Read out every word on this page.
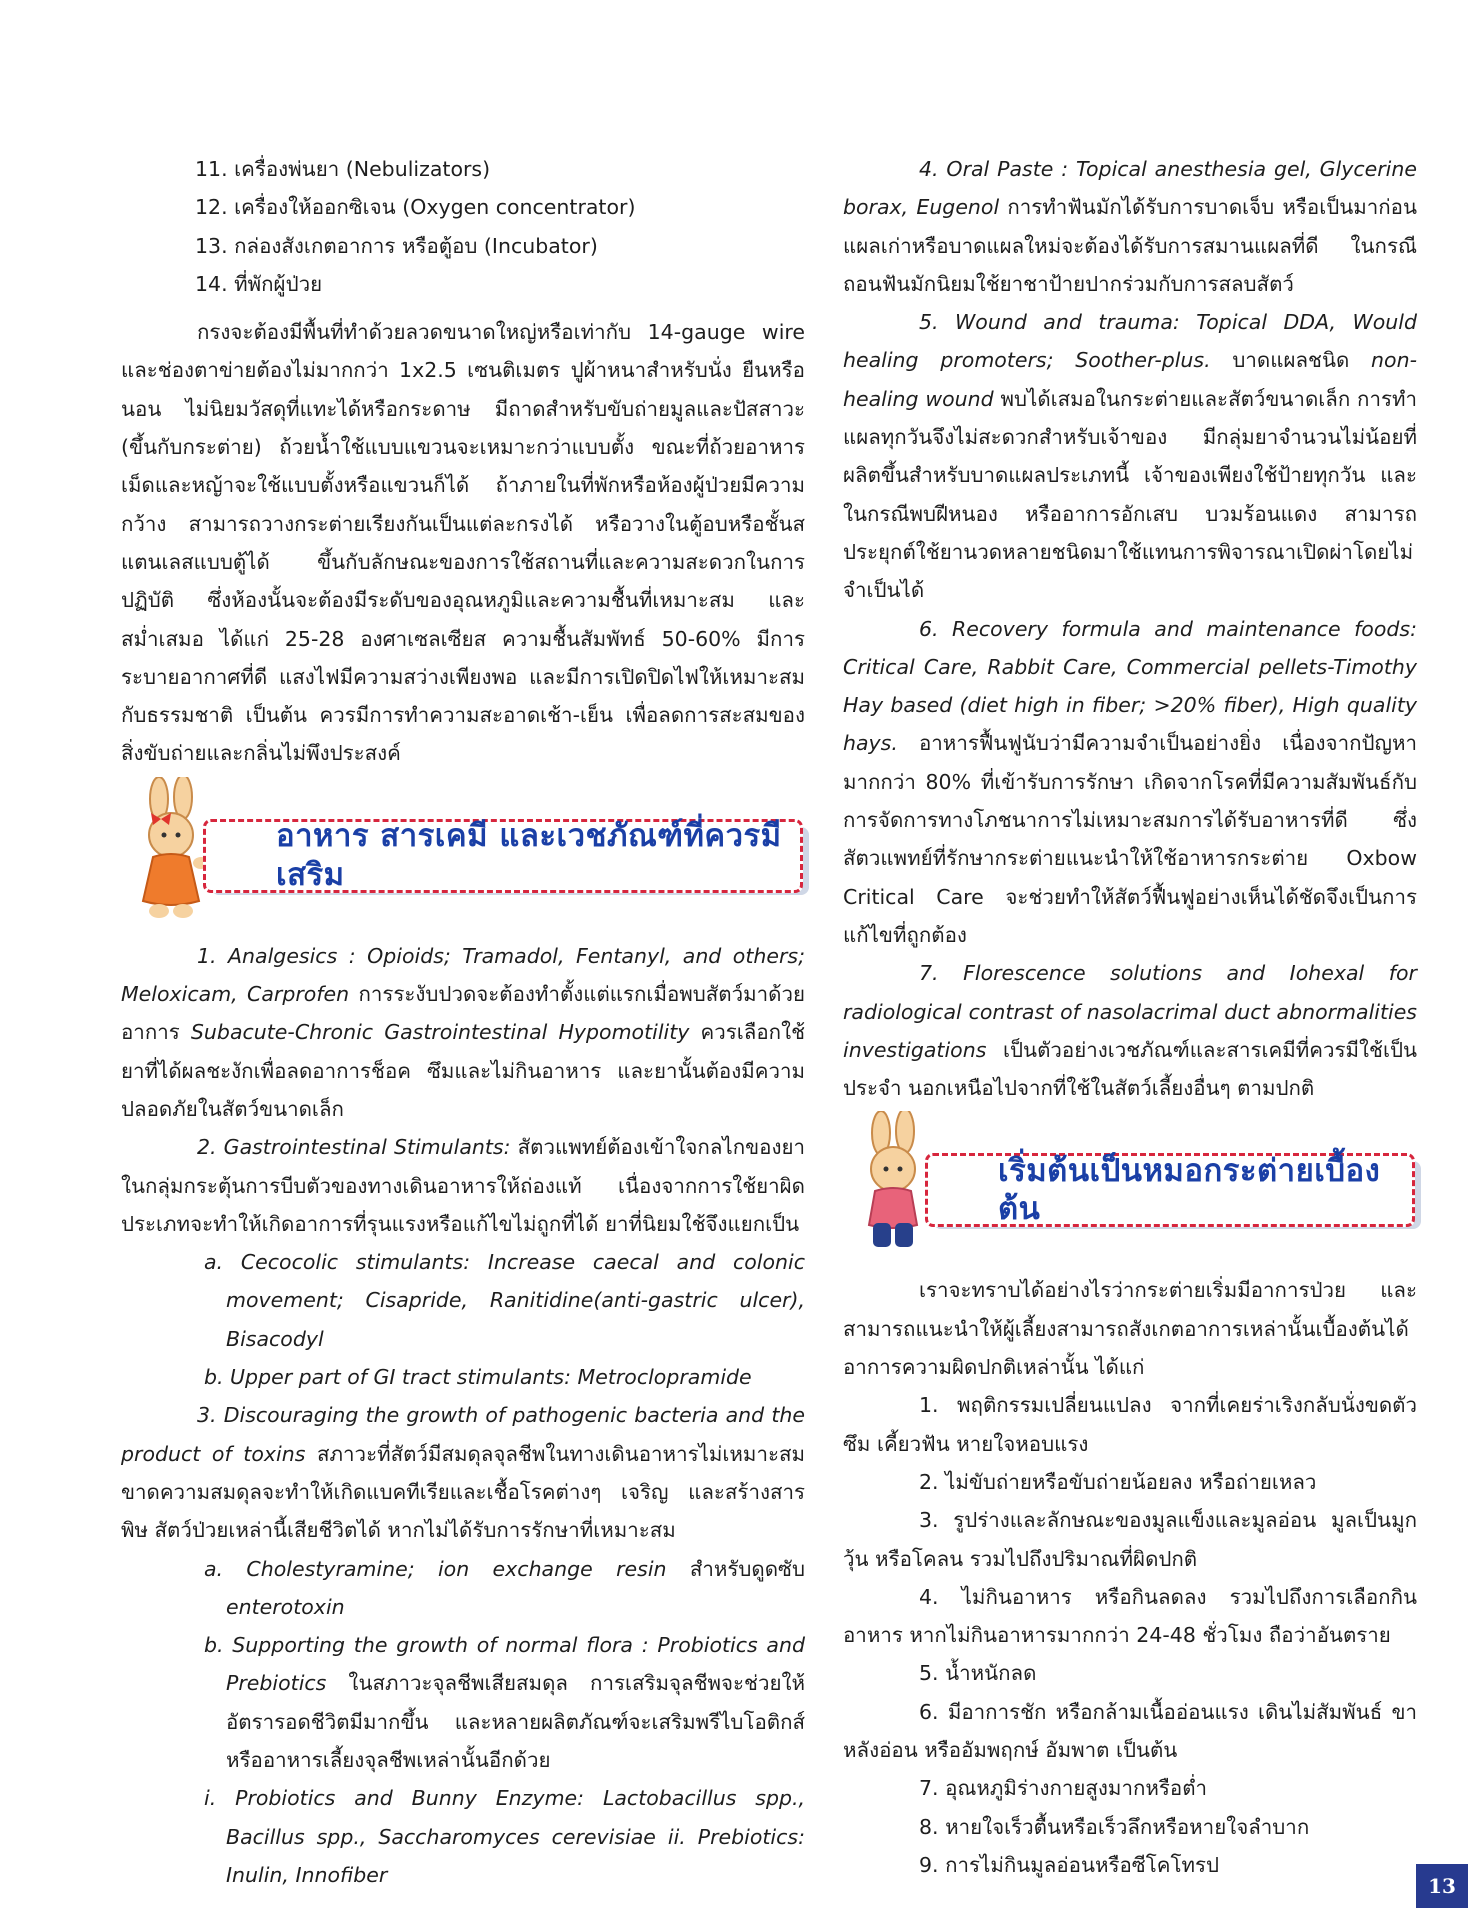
11. เครื่องพ่นยา (Nebulizators)

12. เครื่องให้ออกซิเจน (Oxygen concentrator)

13. กล่องสังเกตอาการ หรือตู้อบ (Incubator)

14. ที่พักผู้ป่วย

กรงจะต้องมีพื้นที่ทำด้วยลวดขนาดใหญ่หรือเท่ากับ 14-gauge wire และช่องตาข่ายต้องไม่มากกว่า 1x2.5 เซนติเมตร ปูผ้าหนาสำหรับนั่ง ยืนหรือนอน ไม่นิยมวัสดุที่แทะได้หรือกระดาษ มีถาดสำหรับขับถ่ายมูลและปัสสาวะ (ขึ้นกับกระต่าย) ถ้วยน้ำใช้แบบแขวนจะเหมาะกว่าแบบตั้ง ขณะที่ถ้วยอาหารเม็ดและหญ้าจะใช้แบบตั้งหรือแขวนก็ได้ ถ้าภายในที่พักหรือห้องผู้ป่วยมีความกว้าง สามารถวางกระต่ายเรียงกันเป็นแต่ละกรงได้ หรือวางในตู้อบหรือชั้นสแตนเลสแบบตู้ได้ ขึ้นกับลักษณะของการใช้สถานที่และความสะดวกในการปฏิบัติ ซึ่งห้องนั้นจะต้องมีระดับของอุณหภูมิและความชื้นที่เหมาะสม และสม่ำเสมอ ได้แก่ 25-28 องศาเซลเซียส ความชื้นสัมพัทธ์ 50-60% มีการระบายอากาศที่ดี แสงไฟมีความสว่างเพียงพอ และมีการเปิดปิดไฟให้เหมาะสมกับธรรมชาติ เป็นต้น ควรมีการทำความสะอาดเช้า-เย็น เพื่อลดการสะสมของสิ่งขับถ่ายและกลิ่นไม่พึงประสงค์

อาหาร สารเคมี และเวชภัณฑ์ที่ควรมีเสริม

1. Analgesics : Opioids; Tramadol, Fentanyl, and others; Meloxicam, Carprofen การระงับปวดจะต้องทำตั้งแต่แรกเมื่อพบสัตว์มาด้วยอาการ Subacute-Chronic Gastrointestinal Hypomotility ควรเลือกใช้ยาที่ได้ผลชะงักเพื่อลดอาการช็อค ซึมและไม่กินอาหาร และยานั้นต้องมีความปลอดภัยในสัตว์ขนาดเล็ก

2. Gastrointestinal Stimulants: สัตวแพทย์ต้องเข้าใจกลไกของยาในกลุ่มกระตุ้นการบีบตัวของทางเดินอาหารให้ถ่องแท้ เนื่องจากการใช้ยาผิดประเภทจะทำให้เกิดอาการที่รุนแรงหรือแก้ไขไม่ถูกที่ได้ ยาที่นิยมใช้จึงแยกเป็น

a. Cecocolic stimulants: Increase caecal and colonic movement; Cisapride, Ranitidine(anti-gastric ulcer), Bisacodyl

b. Upper part of GI tract stimulants: Metroclopramide

3. Discouraging the growth of pathogenic bacteria and the product of toxins สภาวะที่สัตว์มีสมดุลจุลชีพในทางเดินอาหารไม่เหมาะสม ขาดความสมดุลจะทำให้เกิดแบคทีเรียและเชื้อโรคต่างๆ เจริญ และสร้างสารพิษ สัตว์ป่วยเหล่านี้เสียชีวิตได้ หากไม่ได้รับการรักษาที่เหมาะสม

a. Cholestyramine; ion exchange resin สำหรับดูดซับ enterotoxin

b. Supporting the growth of normal flora : Probiotics and Prebiotics ในสภาวะจุลชีพเสียสมดุล การเสริมจุลชีพจะช่วยให้อัตรารอดชีวิตมีมากขึ้น และหลายผลิตภัณฑ์จะเสริมพรีไบโอติกส์หรืออาหารเลี้ยงจุลชีพเหล่านั้นอีกด้วย

i. Probiotics and Bunny Enzyme: Lactobacillus spp., Bacillus spp., Saccharomyces cerevisiae ii. Prebiotics: Inulin, Innofiber

4. Oral Paste : Topical anesthesia gel, Glycerine borax, Eugenol การทำฟันมักได้รับการบาดเจ็บ หรือเป็นมาก่อน แผลเก่าหรือบาดแผลใหม่จะต้องได้รับการสมานแผลที่ดี ในกรณีถอนฟันมักนิยมใช้ยาชาป้ายปากร่วมกับการสลบสัตว์

5. Wound and trauma: Topical DDA, Would healing promoters; Soother-plus. บาดแผลชนิด non-healing wound พบได้เสมอในกระต่ายและสัตว์ขนาดเล็ก การทำแผลทุกวันจึงไม่สะดวกสำหรับเจ้าของ มีกลุ่มยาจำนวนไม่น้อยที่ผลิตขึ้นสำหรับบาดแผลประเภทนี้ เจ้าของเพียงใช้ป้ายทุกวัน และในกรณีพบฝีหนอง หรืออาการอักเสบ บวมร้อนแดง สามารถประยุกต์ใช้ยานวดหลายชนิดมาใช้แทนการพิจารณาเปิดผ่าโดยไม่จำเป็นได้

6. Recovery formula and maintenance foods: Critical Care, Rabbit Care, Commercial pellets-Timothy Hay based (diet high in fiber; >20% fiber), High quality hays. อาหารฟื้นฟูนับว่ามีความจำเป็นอย่างยิ่ง เนื่องจากปัญหามากกว่า 80% ที่เข้ารับการรักษา เกิดจากโรคที่มีความสัมพันธ์กับการจัดการทางโภชนาการไม่เหมาะสมการได้รับอาหารที่ดี ซึ่งสัตวแพทย์ที่รักษากระต่ายแนะนำให้ใช้อาหารกระต่าย Oxbow Critical Care จะช่วยทำให้สัตว์ฟื้นฟูอย่างเห็นได้ชัดจึงเป็นการแก้ไขที่ถูกต้อง

7. Florescence solutions and Iohexal for radiological contrast of nasolacrimal duct abnormalities investigations เป็นตัวอย่างเวชภัณฑ์และสารเคมีที่ควรมีใช้เป็นประจำ นอกเหนือไปจากที่ใช้ในสัตว์เลี้ยงอื่นๆ ตามปกติ

เริ่มต้นเป็นหมอกระต่ายเบื้องต้น

เราจะทราบได้อย่างไรว่ากระต่ายเริ่มมีอาการป่วย และสามารถแนะนำให้ผู้เลี้ยงสามารถสังเกตอาการเหล่านั้นเบื้องต้นได้ อาการความผิดปกติเหล่านั้น ได้แก่

1. พฤติกรรมเปลี่ยนแปลง จากที่เคยร่าเริงกลับนั่งขดตัว ซึม เคี้ยวฟัน หายใจหอบแรง

2. ไม่ขับถ่ายหรือขับถ่ายน้อยลง หรือถ่ายเหลว

3. รูปร่างและลักษณะของมูลแข็งและมูลอ่อน มูลเป็นมูก วุ้น หรือโคลน รวมไปถึงปริมาณที่ผิดปกติ

4. ไม่กินอาหาร หรือกินลดลง รวมไปถึงการเลือกกินอาหาร หากไม่กินอาหารมากกว่า 24-48 ชั่วโมง ถือว่าอันตราย

5. น้ำหนักลด

6. มีอาการชัก หรือกล้ามเนื้ออ่อนแรง เดินไม่สัมพันธ์ ขาหลังอ่อน หรืออัมพฤกษ์ อัมพาต เป็นต้น

7. อุณหภูมิร่างกายสูงมากหรือต่ำ

8. หายใจเร็วตื้นหรือเร็วลึกหรือหายใจลำบาก

9. การไม่กินมูลอ่อนหรือซีโคโทรป

13
